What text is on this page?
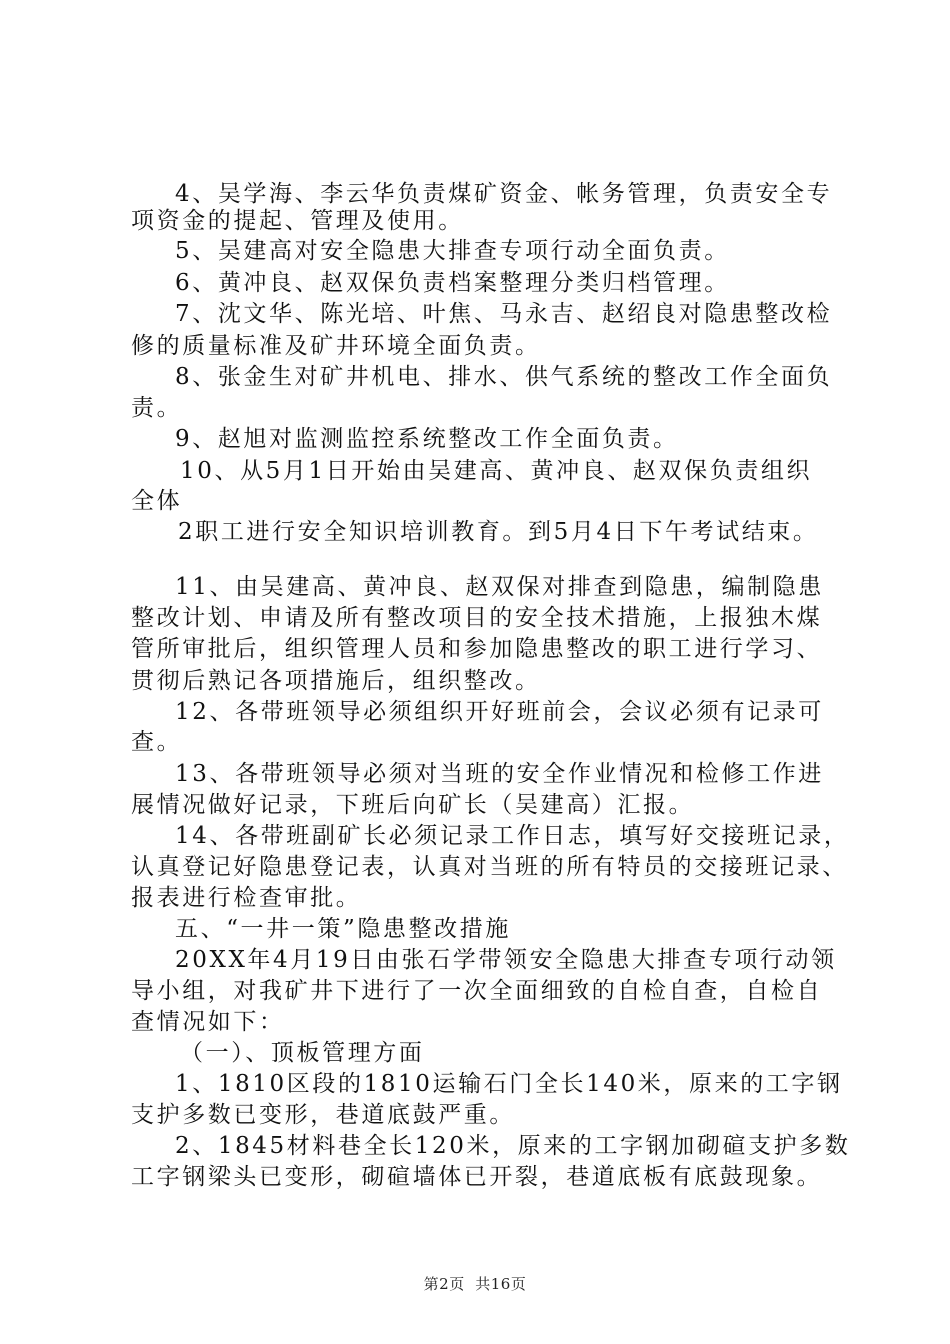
4、吴学海、李云华负责煤矿资金、帐务管理，负责安全专
项资金的提起、管理及使用。
5、吴建高对安全隐患大排查专项行动全面负责。
6、黄冲良、赵双保负责档案整理分类归档管理。
7、沈文华、陈光培、叶焦、马永吉、赵绍良对隐患整改检
修的质量标准及矿井环境全面负责。
8、张金生对矿井机电、排水、供气系统的整改工作全面负
责。
9、赵旭对监测监控系统整改工作全面负责。
10、从5月1日开始由吴建高、黄冲良、赵双保负责组织
全体
2职工进行安全知识培训教育。到5月4日下午考试结束。
11、由吴建高、黄冲良、赵双保对排查到隐患，编制隐患
整改计划、申请及所有整改项目的安全技术措施，上报独木煤
管所审批后，组织管理人员和参加隐患整改的职工进行学习、
贯彻后熟记各项措施后，组织整改。
12、各带班领导必须组织开好班前会，会议必须有记录可
查。
13、各带班领导必须对当班的安全作业情况和检修工作进
展情况做好记录，下班后向矿长（吴建高）汇报。
14、各带班副矿长必须记录工作日志，填写好交接班记录，
认真登记好隐患登记表，认真对当班的所有特员的交接班记录、
报表进行检查审批。
五、“一井一策”隐患整改措施
20XX年4月19日由张石学带领安全隐患大排查专项行动领
导小组，对我矿井下进行了一次全面细致的自检自查，自检自
查情况如下：
（一）、顶板管理方面
1、1810区段的1810运输石门全长140米，原来的工字钢
支护多数已变形，巷道底鼓严重。
2、1845材料巷全长120米，原来的工字钢加砌碹支护多数
工字钢梁头已变形，砌碹墙体已开裂，巷道底板有底鼓现象。
第2页  共16页
